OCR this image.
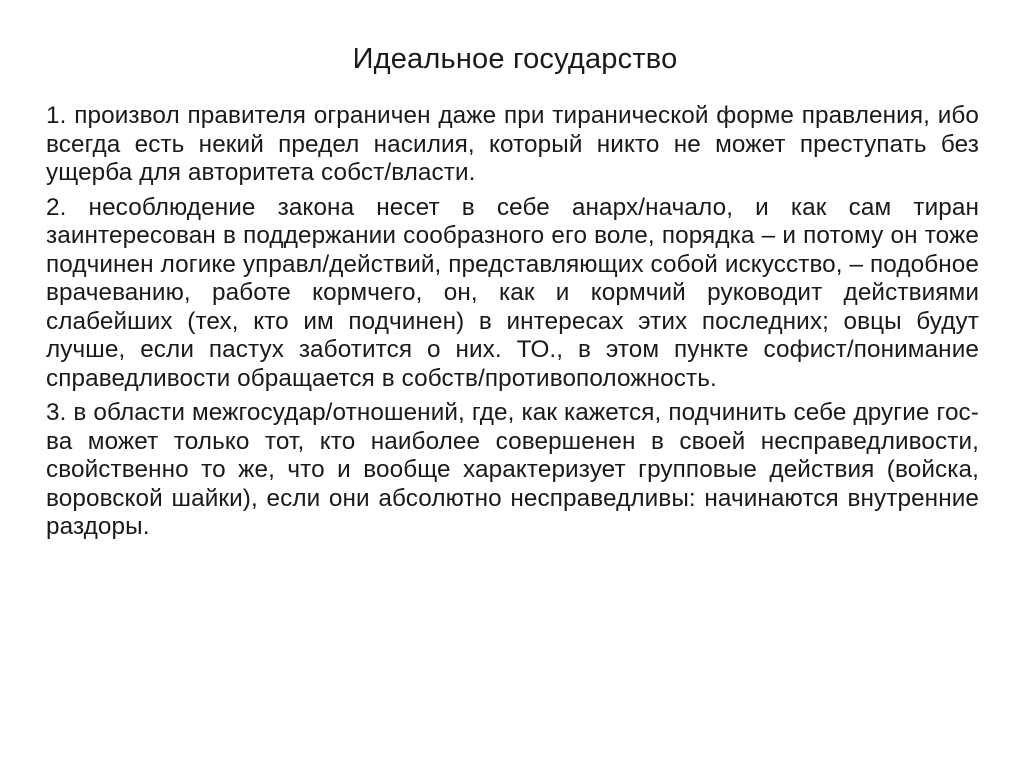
Идеальное государство

1. произвол правителя ограничен даже при тиранической форме правления, ибо всегда есть некий предел насилия, который никто не может преступать без ущерба для авторитета собст/власти.

2. несоблюдение закона несет в себе анарх/начало, и как сам тиран заинтересован в поддержании сообразного его воле, порядка – и потому он тоже подчинен логике управл/действий, представляющих собой искусство, – подобное врачеванию, работе кормчего, он, как и кормчий руководит действиями слабейших (тех, кто им подчинен) в интересах этих последних; овцы будут лучше, если пастух заботится о них. ТО., в этом пункте софист/понимание справедливости обращается в собств/противоположность.

3. в области межгосудар/отношений, где, как кажется, подчинить себе другие гос-ва может только тот, кто наиболее совершенен в своей несправедливости, свойственно то же, что и вообще характеризует групповые действия (войска, воровской шайки), если они абсолютно несправедливы: начинаются внутренние раздоры.
